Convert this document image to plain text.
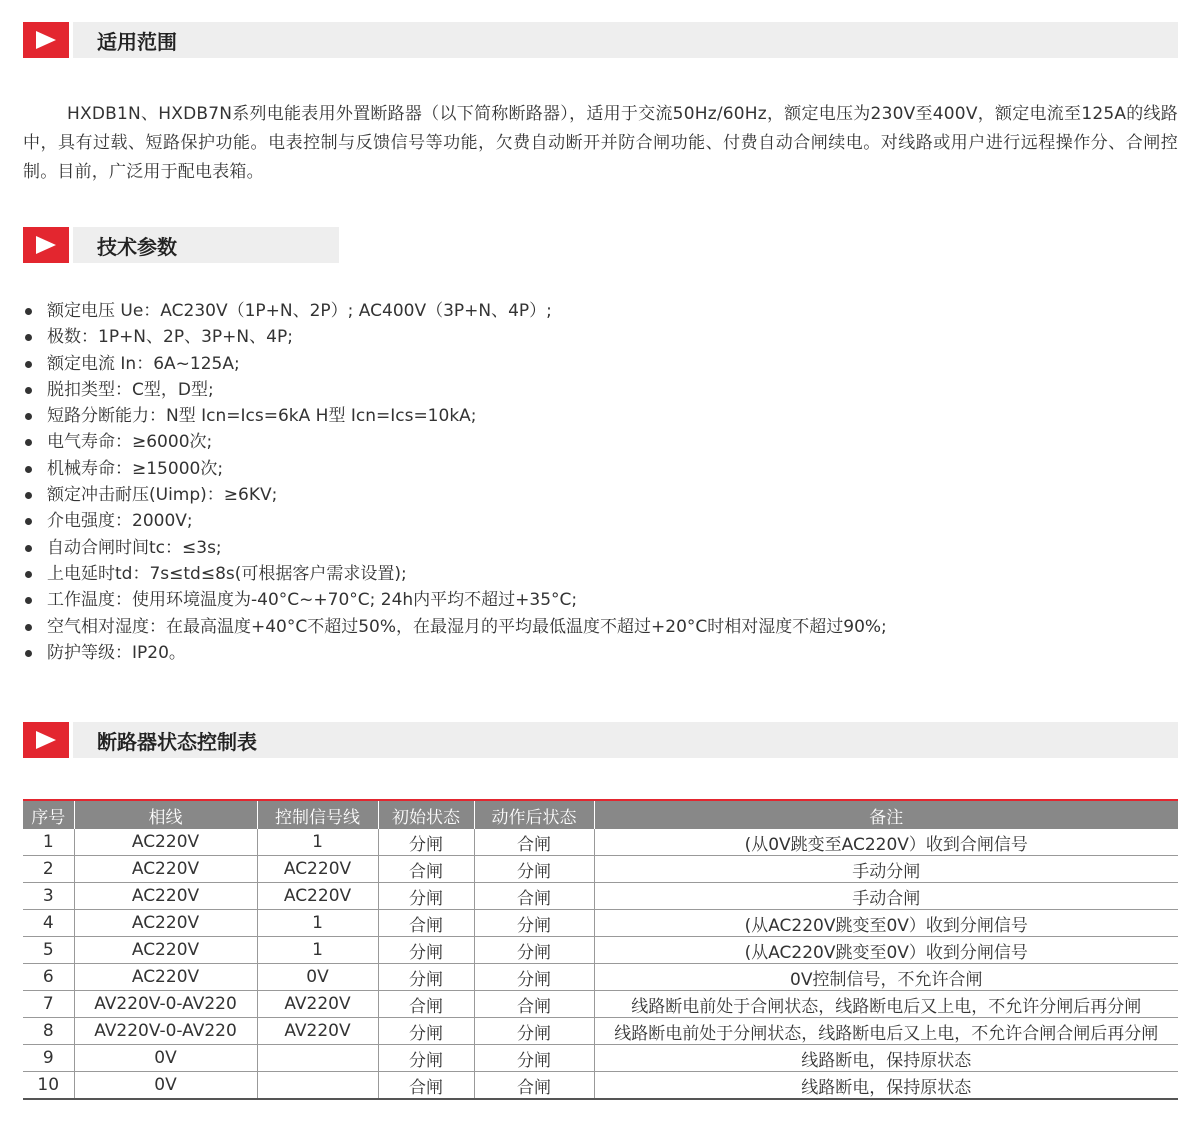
适用范围

HXDB1N、HXDB7N系列电能表用外置断路器（以下简称断路器），适用于交流50Hz/60Hz，额定电压为230V至400V，额定电流至125A的线路中，具有过载、短路保护功能。电表控制与反馈信号等功能，欠费自动断开并防合闸功能、付费自动合闸续电。对线路或用户进行远程操作分、合闸控制。目前，广泛用于配电表箱。

技术参数
额定电压 Ue：AC230V（1P+N、2P）; AC400V（3P+N、4P）;
极数：1P+N、2P、3P+N、4P;
额定电流 In：6A~125A;
脱扣类型：C型，D型;
短路分断能力：N型 Icn=Ics=6kA H型 Icn=Ics=10kA;
电气寿命：≥6000次;
机械寿命：≥15000次;
额定冲击耐压(Uimp)：≥6KV;
介电强度：2000V;
自动合闸时间tc：≤3s;
上电延时td：7s≤td≤8s(可根据客户需求设置);
工作温度：使用环境温度为-40°C~+70°C; 24h内平均不超过+35°C;
空气相对湿度：在最高温度+40°C不超过50%，在最湿月的平均最低温度不超过+20°C时相对湿度不超过90%;
防护等级：IP20。
断路器状态控制表
序号	相线	控制信号线	初始状态	动作后状态	备注
1	AC220V	1	分闸	合闸	(从0V跳变至AC220V）收到合闸信号
2	AC220V	AC220V	合闸	分闸	手动分闸
3	AC220V	AC220V	分闸	合闸	手动合闸
4	AC220V	1	合闸	分闸	(从AC220V跳变至0V）收到分闸信号
5	AC220V	1	分闸	分闸	(从AC220V跳变至0V）收到分闸信号
6	AC220V	0V	分闸	分闸	0V控制信号，不允许合闸
7	AV220V-0-AV220	AV220V	合闸	合闸	线路断电前处于合闸状态，线路断电后又上电，不允许分闸后再分闸
8	AV220V-0-AV220	AV220V	分闸	分闸	线路断电前处于分闸状态，线路断电后又上电，不允许合闸合闸后再分闸
9	0V		分闸	分闸	线路断电，保持原状态
10	0V		合闸	合闸	线路断电，保持原状态
